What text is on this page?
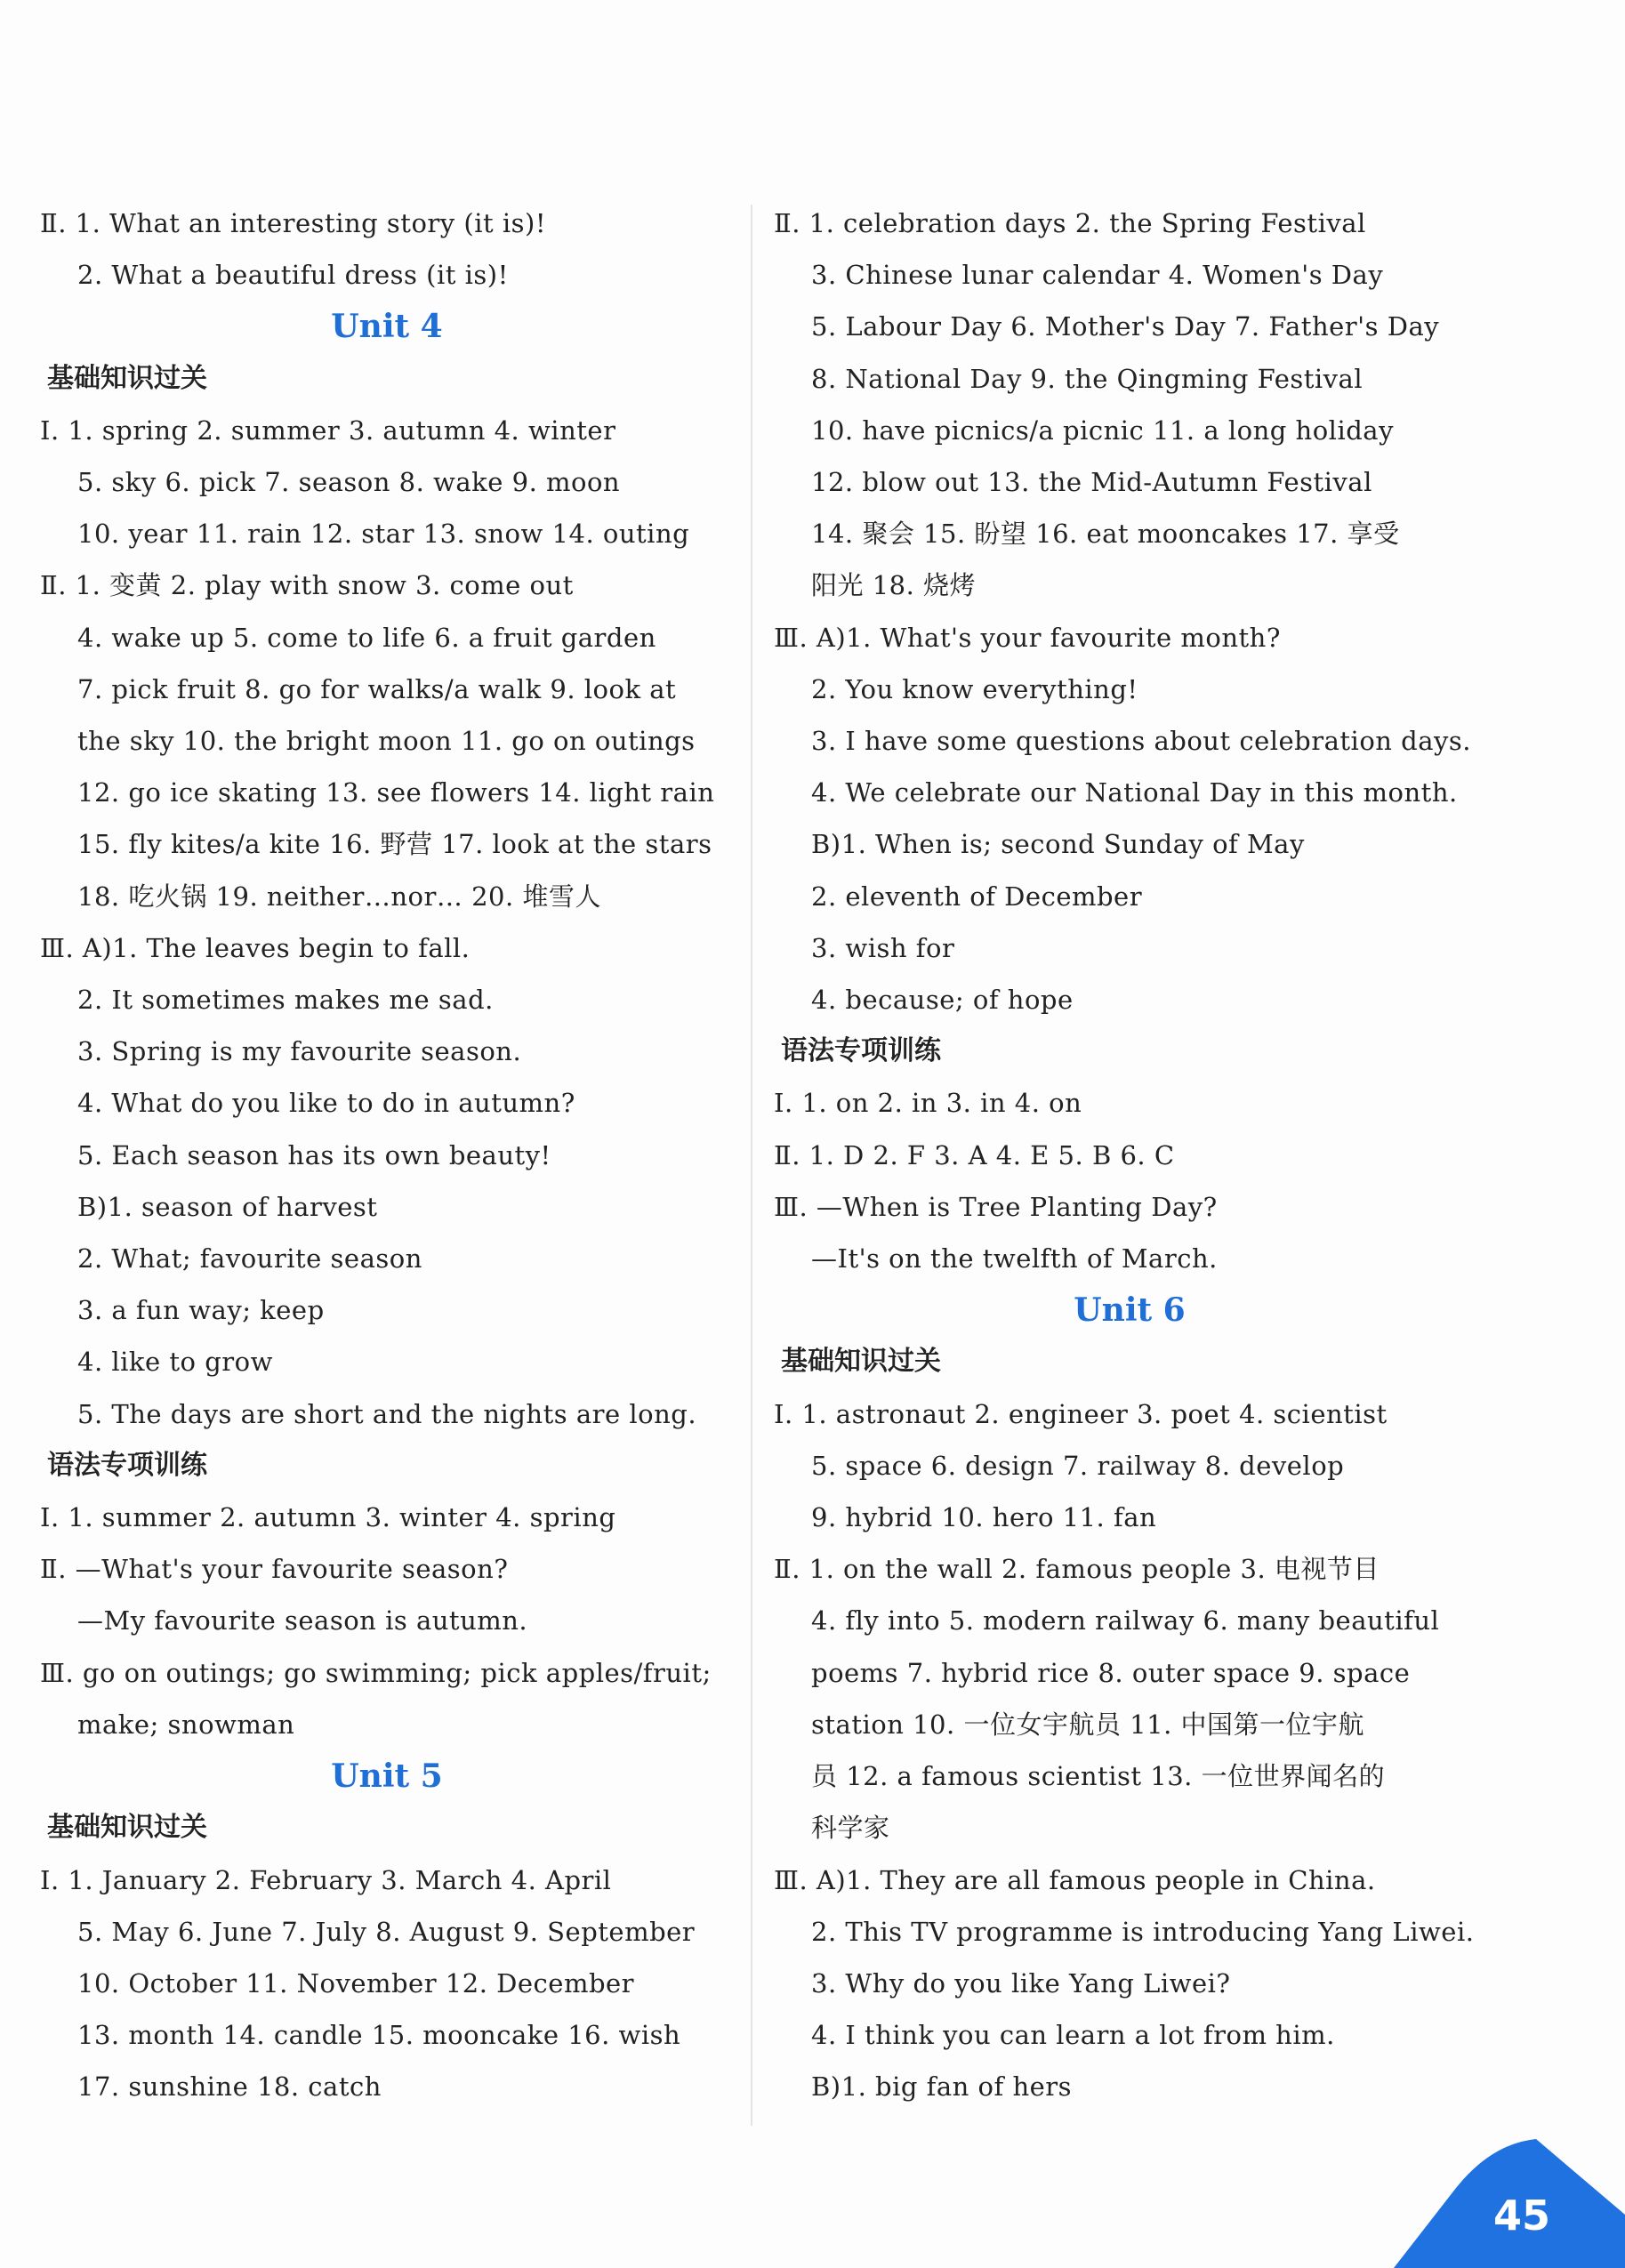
Ⅱ. 1. What an interesting story (it is)!
2. What a beautiful dress (it is)!
Unit 4
基础知识过关
Ⅰ. 1. spring 2. summer 3. autumn 4. winter
5. sky 6. pick 7. season 8. wake 9. moon
10. year 11. rain 12. star 13. snow 14. outing
Ⅱ. 1. 变黄 2. play with snow 3. come out
4. wake up 5. come to life 6. a fruit garden
7. pick fruit 8. go for walks/a walk 9. look at
the sky 10. the bright moon 11. go on outings
12. go ice skating 13. see flowers 14. light rain
15. fly kites/a kite 16. 野营 17. look at the stars
18. 吃火锅 19. neither…nor… 20. 堆雪人
Ⅲ. A)1. The leaves begin to fall.
2. It sometimes makes me sad.
3. Spring is my favourite season.
4. What do you like to do in autumn?
5. Each season has its own beauty!
B)1. season of harvest
2. What; favourite season
3. a fun way; keep
4. like to grow
5. The days are short and the nights are long.
语法专项训练
Ⅰ. 1. summer 2. autumn 3. winter 4. spring
Ⅱ. —What's your favourite season?
—My favourite season is autumn.
Ⅲ. go on outings; go swimming; pick apples/fruit;
make; snowman
Unit 5
基础知识过关
Ⅰ. 1. January 2. February 3. March 4. April
5. May 6. June 7. July 8. August 9. September
10. October 11. November 12. December
13. month 14. candle 15. mooncake 16. wish
17. sunshine 18. catch
Ⅱ. 1. celebration days 2. the Spring Festival
3. Chinese lunar calendar 4. Women's Day
5. Labour Day 6. Mother's Day 7. Father's Day
8. National Day 9. the Qingming Festival
10. have picnics/a picnic 11. a long holiday
12. blow out 13. the Mid-Autumn Festival
14. 聚会 15. 盼望 16. eat mooncakes 17. 享受
阳光 18. 烧烤
Ⅲ. A)1. What's your favourite month?
2. You know everything!
3. I have some questions about celebration days.
4. We celebrate our National Day in this month.
B)1. When is; second Sunday of May
2. eleventh of December
3. wish for
4. because; of hope
语法专项训练
Ⅰ. 1. on 2. in 3. in 4. on
Ⅱ. 1. D 2. F 3. A 4. E 5. B 6. C
Ⅲ. —When is Tree Planting Day?
—It's on the twelfth of March.
Unit 6
基础知识过关
Ⅰ. 1. astronaut 2. engineer 3. poet 4. scientist
5. space 6. design 7. railway 8. develop
9. hybrid 10. hero 11. fan
Ⅱ. 1. on the wall 2. famous people 3. 电视节目
4. fly into 5. modern railway 6. many beautiful
poems 7. hybrid rice 8. outer space 9. space
station 10. 一位女宇航员 11. 中国第一位宇航
员 12. a famous scientist 13. 一位世界闻名的
科学家
Ⅲ. A)1. They are all famous people in China.
2. This TV programme is introducing Yang Liwei.
3. Why do you like Yang Liwei?
4. I think you can learn a lot from him.
B)1. big fan of hers
45
